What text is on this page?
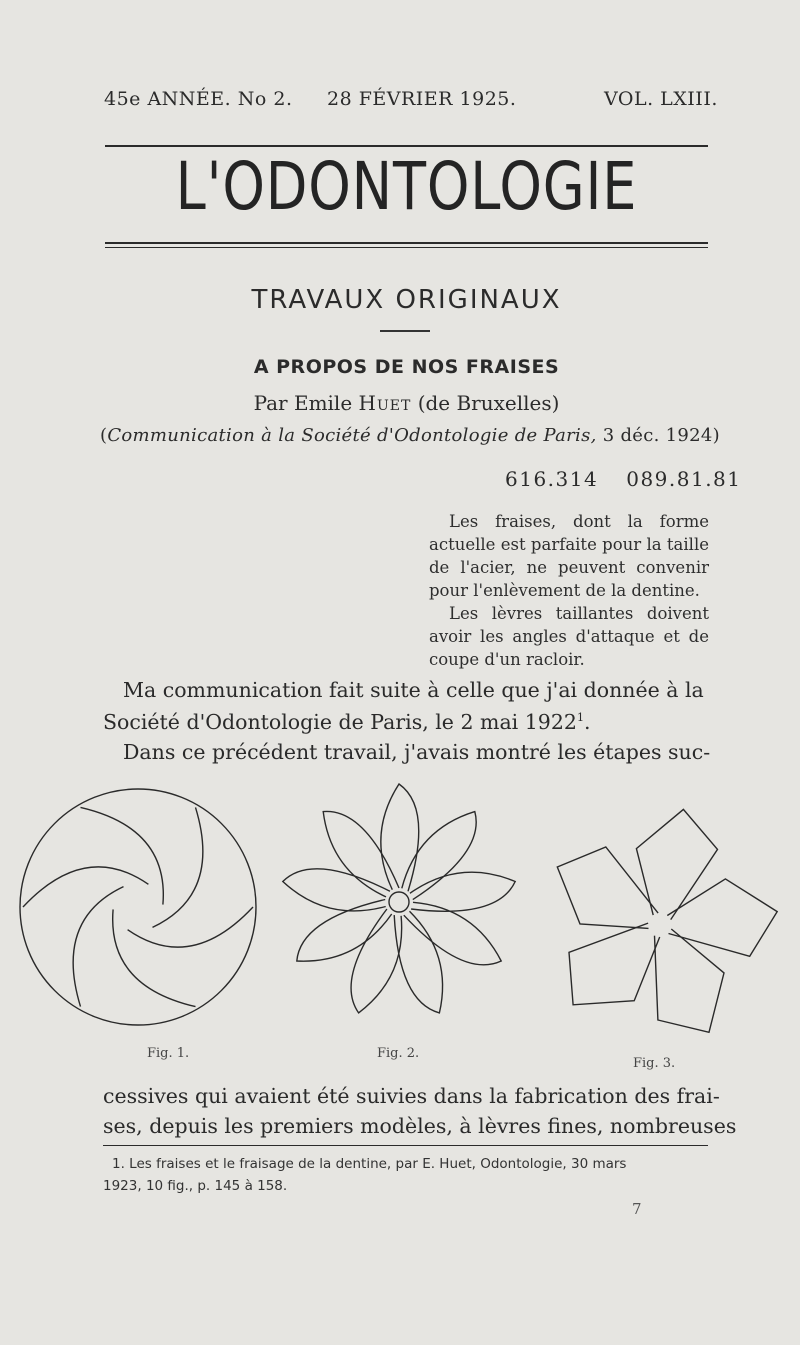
45e ANNÉE. No 2. 28 FÉVRIER 1925.	VOL. LXIII.
L'ODONTOLOGIE
TRAVAUX ORIGINAUX
A PROPOS DE NOS FRAISES
Par Emile Huet (de Bruxelles)
(Communication à la Société d'Odontologie de Paris, 3 déc. 1924)
616.314 089.81.81

Les fraises, dont la forme actuelle est parfaite pour la taille de l'acier, ne peuvent convenir pour l'enlèvement de la dentine.

Les lèvres taillantes doivent avoir les angles d'attaque et de coupe d'un racloir.

Ma communication fait suite à celle que j'ai donnée à la
Société d'Odontologie de Paris, le 2 mai 1922$^1$.
Dans ce précédent travail, j'avais montré les étapes suc-
Fig. 1.	Fig. 2.
Fig. 3.
cessives qui avaient été suivies dans la fabrication des frai-
ses, depuis les premiers modèles, à lèvres fines, nombreuses
1. Les fraises et le fraisage de la dentine, par E. Huet, Odontologie, 30 mars
1923, 10 fig., p. 145 à 158.
7
